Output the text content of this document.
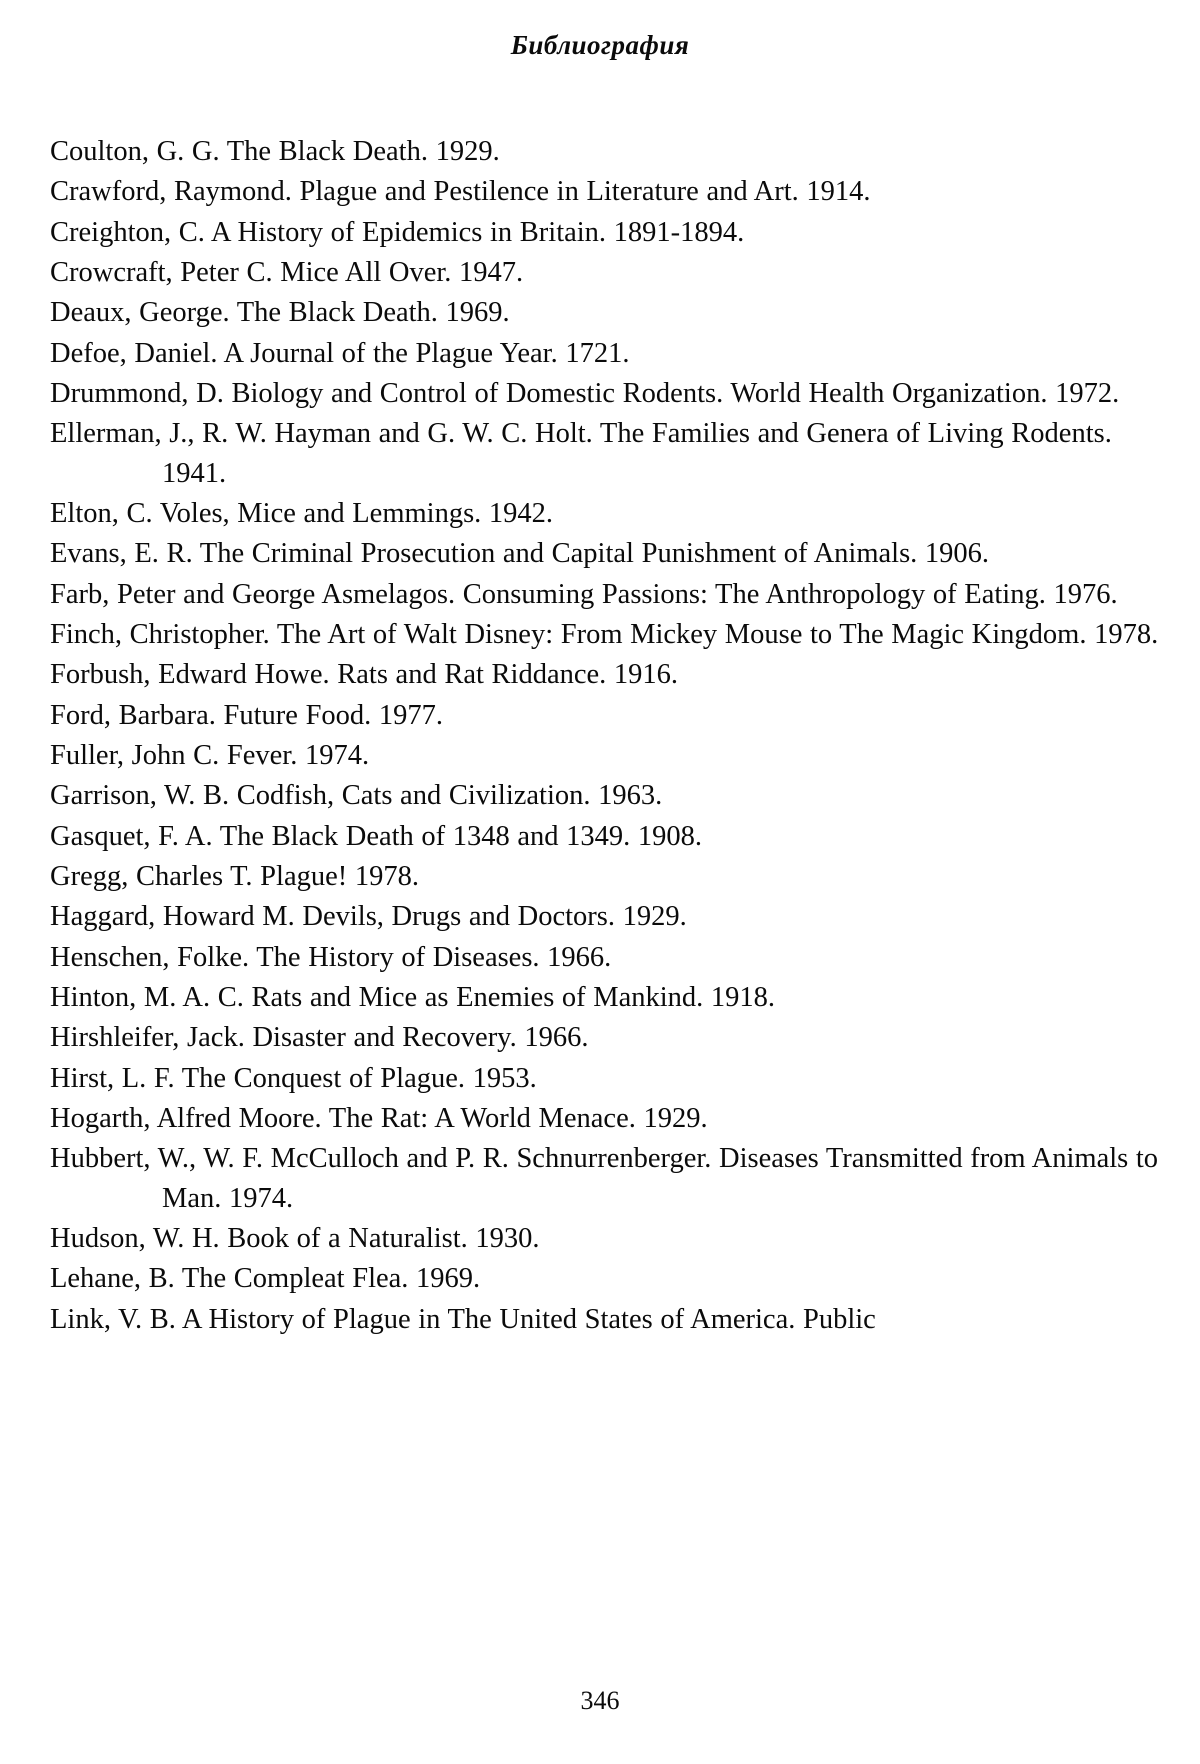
Библиография
Coulton, G. G. The Black Death. 1929.
Crawford, Raymond. Plague and Pestilence in Literature and Art. 1914.
Creighton, C. A History of Epidemics in Britain. 1891-1894.
Crowcraft, Peter C. Mice All Over. 1947.
Deaux, George. The Black Death. 1969.
Defoe, Daniel. A Journal of the Plague Year. 1721.
Drummond, D. Biology and Control of Domestic Rodents. World Health Organization. 1972.
Ellerman, J., R. W. Hayman and G. W. C. Holt. The Families and Genera of Living Rodents. 1941.
Elton, C. Voles, Mice and Lemmings. 1942.
Evans, E. R. The Criminal Prosecution and Capital Punishment of Animals. 1906.
Farb, Peter and George Asmelagos. Consuming Passions: The Anthropology of Eating. 1976.
Finch, Christopher. The Art of Walt Disney: From Mickey Mouse to The Magic Kingdom. 1978.
Forbush, Edward Howe. Rats and Rat Riddance. 1916.
Ford, Barbara. Future Food. 1977.
Fuller, John C. Fever. 1974.
Garrison, W. B. Codfish, Cats and Civilization. 1963.
Gasquet, F. A. The Black Death of 1348 and 1349. 1908.
Gregg, Charles T. Plague! 1978.
Haggard, Howard M. Devils, Drugs and Doctors. 1929.
Henschen, Folke. The History of Diseases. 1966.
Hinton, M. A. C. Rats and Mice as Enemies of Mankind. 1918.
Hirshleifer, Jack. Disaster and Recovery. 1966.
Hirst, L. F. The Conquest of Plague. 1953.
Hogarth, Alfred Moore. The Rat: A World Menace. 1929.
Hubbert, W., W. F. McCulloch and P. R. Schnurrenberger. Diseases Transmitted from Animals to Man. 1974.
Hudson, W. H. Book of a Naturalist. 1930.
Lehane, B. The Compleat Flea. 1969.
Link, V. B. A History of Plague in The United States of America. Public
346
